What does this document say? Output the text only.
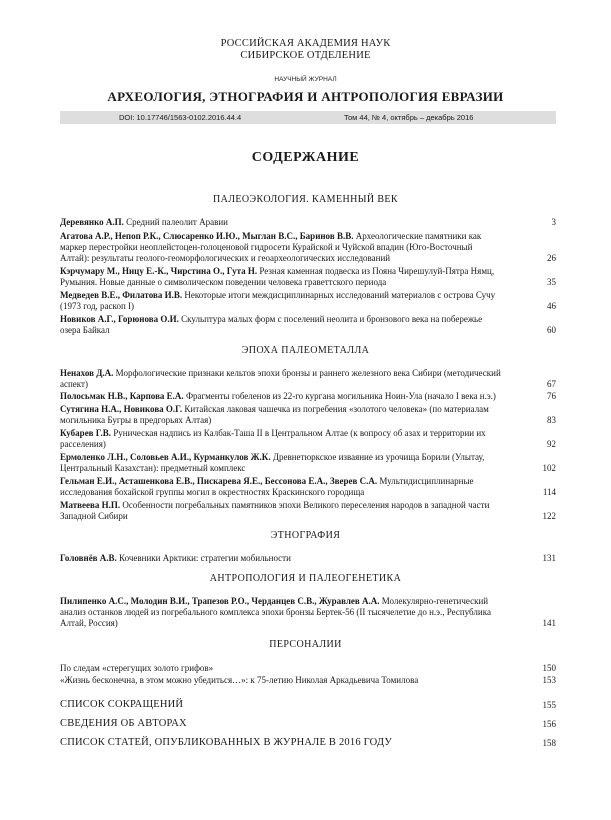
РОССИЙСКАЯ АКАДЕМИЯ НАУК
СИБИРСКОЕ ОТДЕЛЕНИЕ
НАУЧНЫЙ ЖУРНАЛ
АРХЕОЛОГИЯ, ЭТНОГРАФИЯ И АНТРОПОЛОГИЯ ЕВРАЗИИ
DOI: 10.17746/1563-0102.2016.44.4	Том 44, № 4, октябрь – декабрь 2016
СОДЕРЖАНИЕ
ПАЛЕОЭКОЛОГИЯ. КАМЕННЫЙ ВЕК
Деревянко А.П. Средний палеолит Аравии	3
Агатова А.Р., Непоп Р.К., Слюсаренко И.Ю., Мыглан В.С., Баринов В.В. Археологические памятники как
маркер перестройки неоплейстоцен-голоценовой гидросети Курайской и Чуйской впадин (Юго-Восточный
Алтай): результаты геолого-геоморфологических и геоархеологических исследований	26
Кэрчумару М., Ницу Е.-К., Чирстина О., Гута Н. Резная каменная подвеска из Пояна Чирешулуй-Пятра Нямц,
Румыния. Новые данные о символическом поведении человека граветтского периода	35
Медведев В.Е., Филатова И.В. Некоторые итоги междисциплинарных исследований материалов с острова Сучу
(1973 год, раскоп I)	46
Новиков А.Г., Горюнова О.И. Скульптура малых форм с поселений неолита и бронзового века на побережье
озера Байкал	60
ЭПОХА ПАЛЕОМЕТАЛЛА
Ненахов Д.А. Морфологические признаки кельтов эпохи бронзы и раннего железного века Сибири (методический
аспект)	67
Полосьмак Н.В., Карпова Е.А. Фрагменты гобеленов из 22-го кургана могильника Ноин-Ула (начало I века н.э.)	76
Сутягина Н.А., Новикова О.Г. Китайская лаковая чашечка из погребения «золотого человека» (по материалам
могильника Бугры в предгорьях Алтая)	83
Кубарев Г.В. Руническая надпись из Калбак-Таша II в Центральном Алтае (к вопросу об азах и территории их
расселения)	92
Ермоленко Л.Н., Соловьев А.И., Курманкулов Ж.К. Древнетюркское изваяние из урочища Борили (Улытау,
Центральный Казахстан): предметный комплекс	102
Гельман Е.И., Асташенкова Е.В., Пискарева Я.Е., Бессонова Е.А., Зверев С.А. Мультидисциплинарные
исследования бохайской группы могил в окрестностях Краскинского городища	114
Матвеева Н.П. Особенности погребальных памятников эпохи Великого переселения народов в западной части
Западной Сибири	122
ЭТНОГРАФИЯ
Головнёв А.В. Кочевники Арктики: стратегии мобильности	131
АНТРОПОЛОГИЯ И ПАЛЕОГЕНЕТИКА
Пилипенко А.С., Молодин В.И., Трапезов Р.О., Черданцев С.В., Журавлев А.А. Молекулярно-генетический
анализ останков людей из погребального комплекса эпохи бронзы Бертек-56 (II тысячелетие до н.э., Республика
Алтай, Россия)	141
ПЕРСОНАЛИИ
По следам «стерегущих золото грифов»	150
«Жизнь бесконечна, в этом можно убедиться…»: к 75-летию Николая Аркадьевича Томилова	153
СПИСОК СОКРАЩЕНИЙ	155
СВЕДЕНИЯ ОБ АВТОРАХ	156
СПИСОК СТАТЕЙ, ОПУБЛИКОВАННЫХ В ЖУРНАЛЕ В 2016 ГОДУ	158
